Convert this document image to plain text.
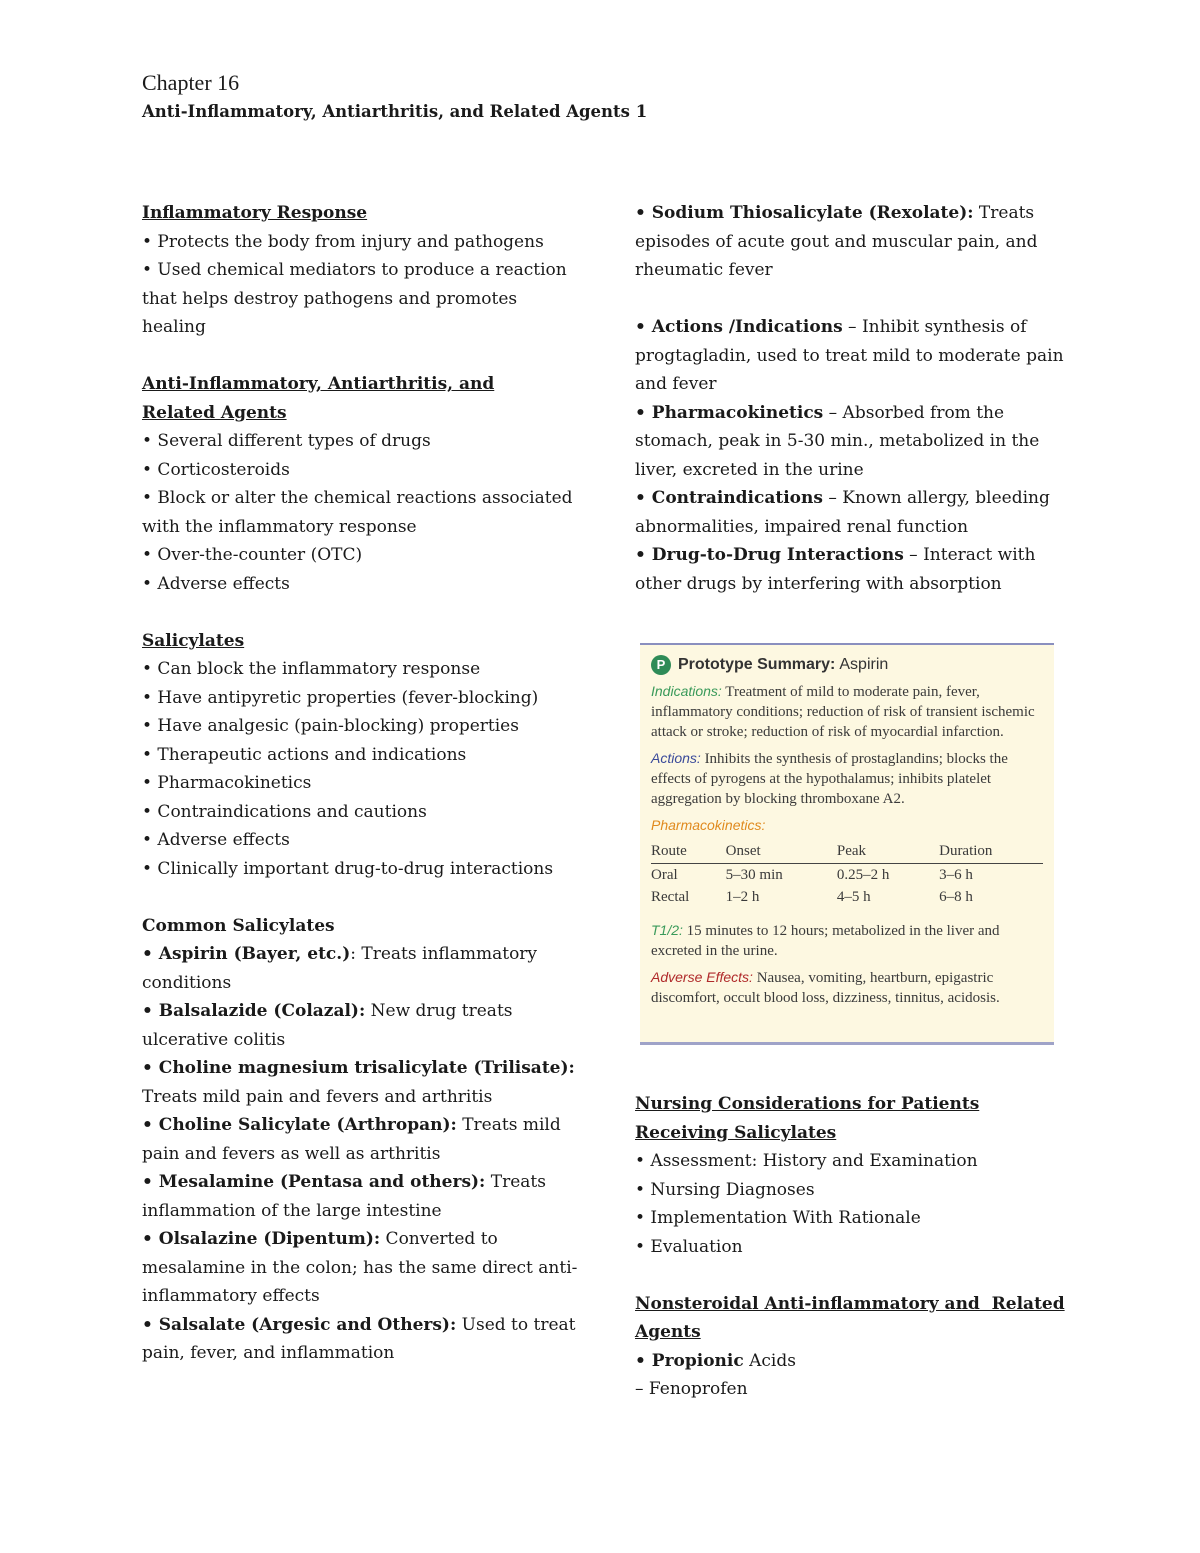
Chapter 16
Anti-Inflammatory, Antiarthritis, and Related Agents 1
Inflammatory Response
• Protects the body from injury and pathogens
• Used chemical mediators to produce a reaction that helps destroy pathogens and promotes healing
Anti-Inflammatory, Antiarthritis, and
Related Agents
• Several different types of drugs
• Corticosteroids
• Block or alter the chemical reactions associated with the inflammatory response
• Over-the-counter (OTC)
• Adverse effects
Salicylates
• Can block the inflammatory response
• Have antipyretic properties (fever-blocking)
• Have analgesic (pain-blocking) properties
• Therapeutic actions and indications
• Pharmacokinetics
• Contraindications and cautions
• Adverse effects
• Clinically important drug-to-drug interactions
Common Salicylates
• Aspirin (Bayer, etc.): Treats inflammatory conditions
• Balsalazide (Colazal): New drug treats ulcerative colitis
• Choline magnesium trisalicylate (Trilisate): Treats mild pain and fevers and arthritis
• Choline Salicylate (Arthropan): Treats mild pain and fevers as well as arthritis
• Mesalamine (Pentasa and others): Treats inflammation of the large intestine
• Olsalazine (Dipentum): Converted to mesalamine in the colon; has the same direct anti-inflammatory effects
• Salsalate (Argesic and Others): Used to treat pain, fever, and inflammation
• Sodium Thiosalicylate (Rexolate): Treats episodes of acute gout and muscular pain, and rheumatic fever
• Actions /Indications – Inhibit synthesis of progtagladin, used to treat mild to moderate pain and fever
• Pharmacokinetics – Absorbed from the stomach, peak in 5-30 min., metabolized in the liver, excreted in the urine
• Contraindications – Known allergy, bleeding abnormalities, impaired renal function
• Drug-to-Drug Interactions – Interact with other drugs by interfering with absorption
P Prototype Summary: Aspirin
Indications: Treatment of mild to moderate pain, fever, inflammatory conditions; reduction of risk of transient ischemic attack or stroke; reduction of risk of myocardial infarction.
Actions: Inhibits the synthesis of prostaglandins; blocks the effects of pyrogens at the hypothalamus; inhibits platelet aggregation by blocking thromboxane A2.
Pharmacokinetics:
Route	Onset	Peak	Duration
Oral	5–30 min	0.25–2 h	3–6 h
Rectal	1–2 h	4–5 h	6–8 h
T1/2: 15 minutes to 12 hours; metabolized in the liver and excreted in the urine.
Adverse Effects: Nausea, vomiting, heartburn, epigastric discomfort, occult blood loss, dizziness, tinnitus, acidosis.
Nursing Considerations for Patients
Receiving Salicylates
• Assessment: History and Examination
• Nursing Diagnoses
• Implementation With Rationale
• Evaluation
Nonsteroidal Anti-inflammatory and  Related
Agents
• Propionic Acids
– Fenoprofen
